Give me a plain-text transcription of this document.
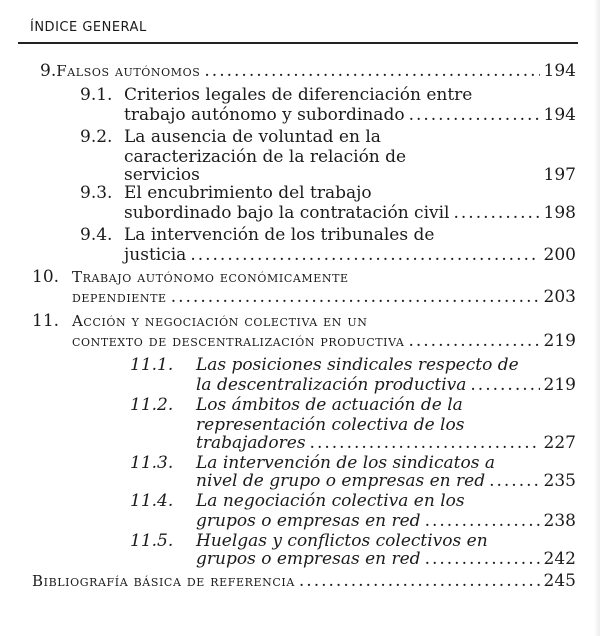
ÍNDICE GENERAL
9. Falsos autónomos .....	194
9.1. Criterios legales de diferenciación entre
trabajo autónomo y subordinado .....	194
9.2. La ausencia de voluntad en la
caracterización de la relación de
servicios	197
9.3. El encubrimiento del trabajo
subordinado bajo la contratación civil .....	198
9.4. La intervención de los tribunales de
justicia .....	200
10. Trabajo autónomo económicamente
dependiente .....	203
11. Acción y negociación colectiva en un
contexto de descentralización productiva .....	219
11.1.	Las posiciones sindicales respecto de
la descentralización productiva .....	219
11.2.	Los ámbitos de actuación de la
representación colectiva de los
trabajadores .....	227
11.3.	La intervención de los sindicatos a
nivel de grupo o empresas en red .....	235
11.4.	La negociación colectiva en los
grupos o empresas en red .....	238
11.5.	Huelgas y conflictos colectivos en
grupos o empresas en red .....	242
Bibliografía básica de referencia .....	245
